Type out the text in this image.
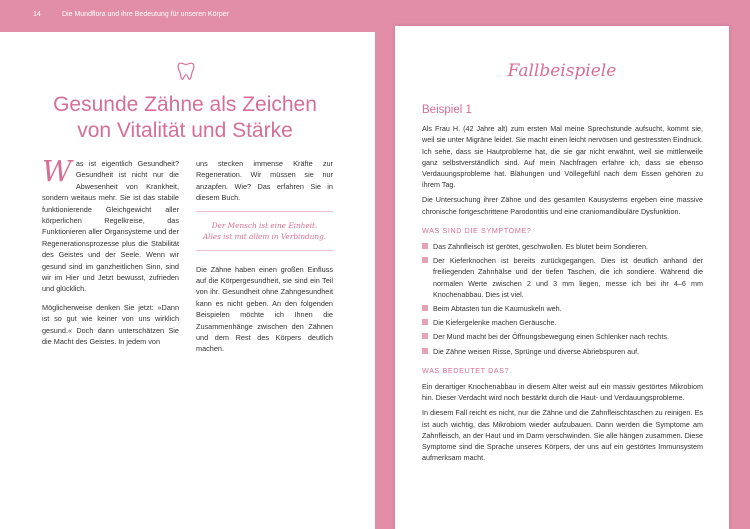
14	Die Mundflora und ihre Bedeutung für unseren Körper
Gesunde Zähne als Zeichen
von Vitalität und Stärke

Was ist eigentlich Gesundheit? Gesundheit ist nicht nur die Abwesenheit von Krankheit, sondern weitaus mehr. Sie ist das stabile funktionierende Gleichgewicht aller körperlichen Regelkreise, das Funktionieren aller Organsysteme und der Regenerationsprozesse plus die Stabilität des Geistes und der Seele. Wenn wir gesund sind im ganzheitlichen Sinn, sind wir im Hier und Jetzt bewusst, zufrieden und glücklich.

Möglicherweise denken Sie jetzt: »Dann ist so gut wie keiner von uns wirklich gesund.« Doch dann unterschätzen Sie die Macht des Geistes. In jedem von

uns stecken immense Kräfte zur Regeneration. Wir müssen sie nur anzapfen. Wie? Das erfahren Sie in diesem Buch.

Der Mensch ist eine Einheit.
Alles ist mit allem in Verbindung.

Die Zähne haben einen großen Einfluss auf die Körpergesundheit, sie sind ein Teil von ihr. Gesundheit ohne Zahngesundheit kann es nicht geben. An den folgenden Beispielen möchte ich Ihnen die Zusammenhänge zwischen den Zähnen und dem Rest des Körpers deutlich machen.

Fallbeispiele
Beispiel 1

Als Frau H. (42 Jahre alt) zum ersten Mal meine Sprechstunde aufsucht, kommt sie, weil sie unter Migräne leidet. Sie macht einen leicht nervösen und gestressten Eindruck. Ich sehe, dass sie Hautprobleme hat, die sie gar nicht erwähnt, weil sie mittlerweile ganz selbstverständlich sind. Auf mein Nachfragen erfahre ich, dass sie ebenso Verdauungsprobleme hat. Blähungen und Völlegefühl nach dem Essen gehören zu ihrem Tag.

Die Untersuchung ihrer Zähne und des gesamten Kausystems ergeben eine massive chronische fortgeschrittene Parodontitis und eine craniomandibuläre Dysfunktion.

WAS SIND DIE SYMPTOME?
Das Zahnfleisch ist gerötet, geschwollen. Es blutet beim Sondieren.
Der Kieferknochen ist bereits zurückgegangen. Dies ist deutlich anhand der freiliegenden Zahnhälse und der tiefen Taschen, die ich sondiere. Während die normalen Werte zwischen 2 und 3 mm liegen, messe ich bei ihr 4–6 mm Knochenabbau. Dies ist viel.
Beim Abtasten tun die Kaumuskeln weh.
Die Kiefergelenke machen Geräusche.
Der Mund macht bei der Öffnungsbewegung einen Schlenker nach rechts.
Die Zähne weisen Risse, Sprünge und diverse Abriebspuren auf.
WAS BEDEUTET DAS?

Ein derartiger Knochenabbau in diesem Alter weist auf ein massiv gestörtes Mikrobiom hin. Dieser Verdacht wird noch bestärkt durch die Haut- und Verdauungsprobleme.

In diesem Fall reicht es nicht, nur die Zähne und die Zahnfleischtaschen zu reinigen. Es ist auch wichtig, das Mikrobiom wieder aufzubauen. Dann werden die Symptome am Zahnfleisch, an der Haut und im Darm verschwinden. Sie alle hängen zusammen. Diese Symptome sind die Sprache unseres Körpers, der uns auf ein gestörtes Immunsystem aufmerksam macht.
